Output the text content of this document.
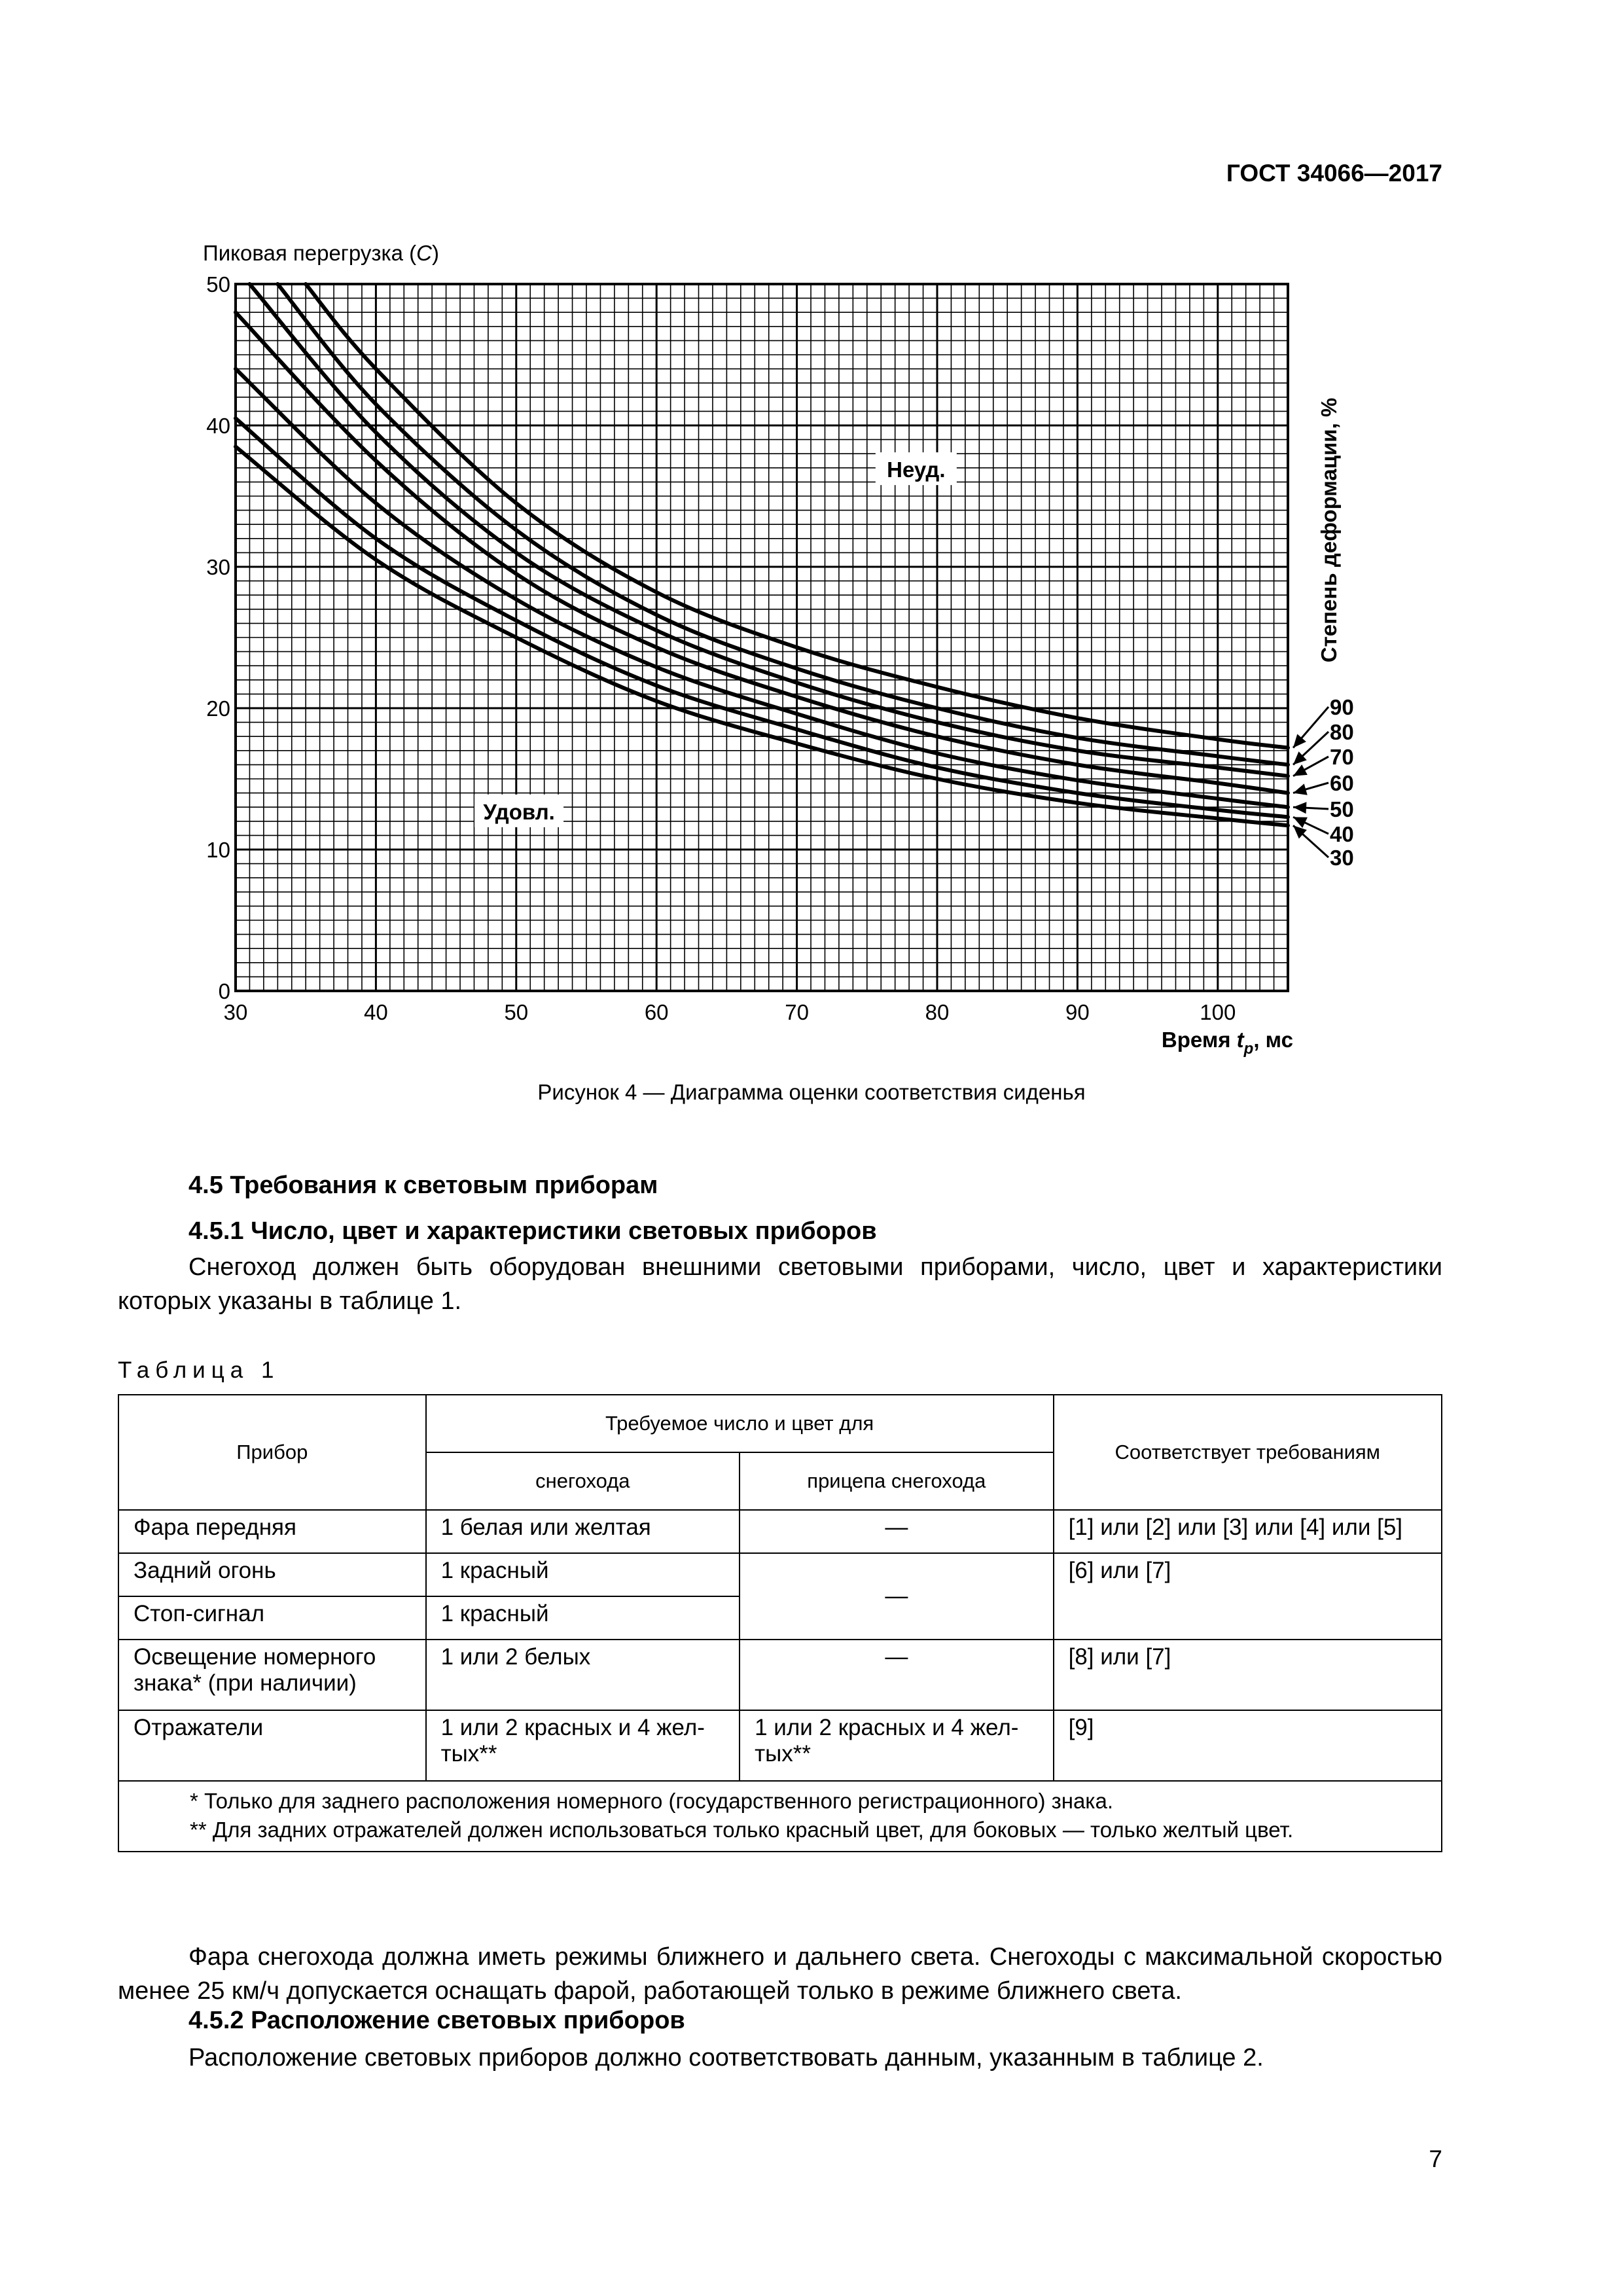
ГОСТ 34066—2017
30	40	50	60	70	80	90	100
0
10
20
30
40
50
Пиковая перегрузка (C)
Время $t_p$, мс
Степень деформации, %
30
40
50
60
70
80
90
Неуд.
Удовл.
Рисунок 4 — Диаграмма оценки соответствия сиденья
4.5 Требования к световым приборам
4.5.1 Число, цвет и характеристики световых приборов
Снегоход должен быть оборудован внешними световыми приборами, число, цвет и характеристики которых указаны в таблице 1.
Таблица 1
Прибор	Требуемое число и цвет для		Соответствует требованиям
	снегохода	прицепа снегохода	
Фара передняя	1 белая или желтая	—	[1] или [2] или [3] или [4] или [5]
Задний огонь	1 красный	—	[6] или [7]
Стоп-сигнал	1 красный		
Освещение номерного знака* (при наличии)	1 или 2 белых	—	[8] или [7]
Отражатели	1 или 2 красных и 4 жел-тых**	1 или 2 красных и 4 жел-тых**	[9]

* Только для заднего расположения номерного (государственного регистрационного) знака.
** Для задних отражателей должен использоваться только красный цвет, для боковых — только желтый цвет.			
Фара снегохода должна иметь режимы ближнего и дальнего света. Снегоходы с максимальной скоростью менее 25 км/ч допускается оснащать фарой, работающей только в режиме ближнего света.
4.5.2 Расположение световых приборов
Расположение световых приборов должно соответствовать данным, указанным в таблице 2.
7
